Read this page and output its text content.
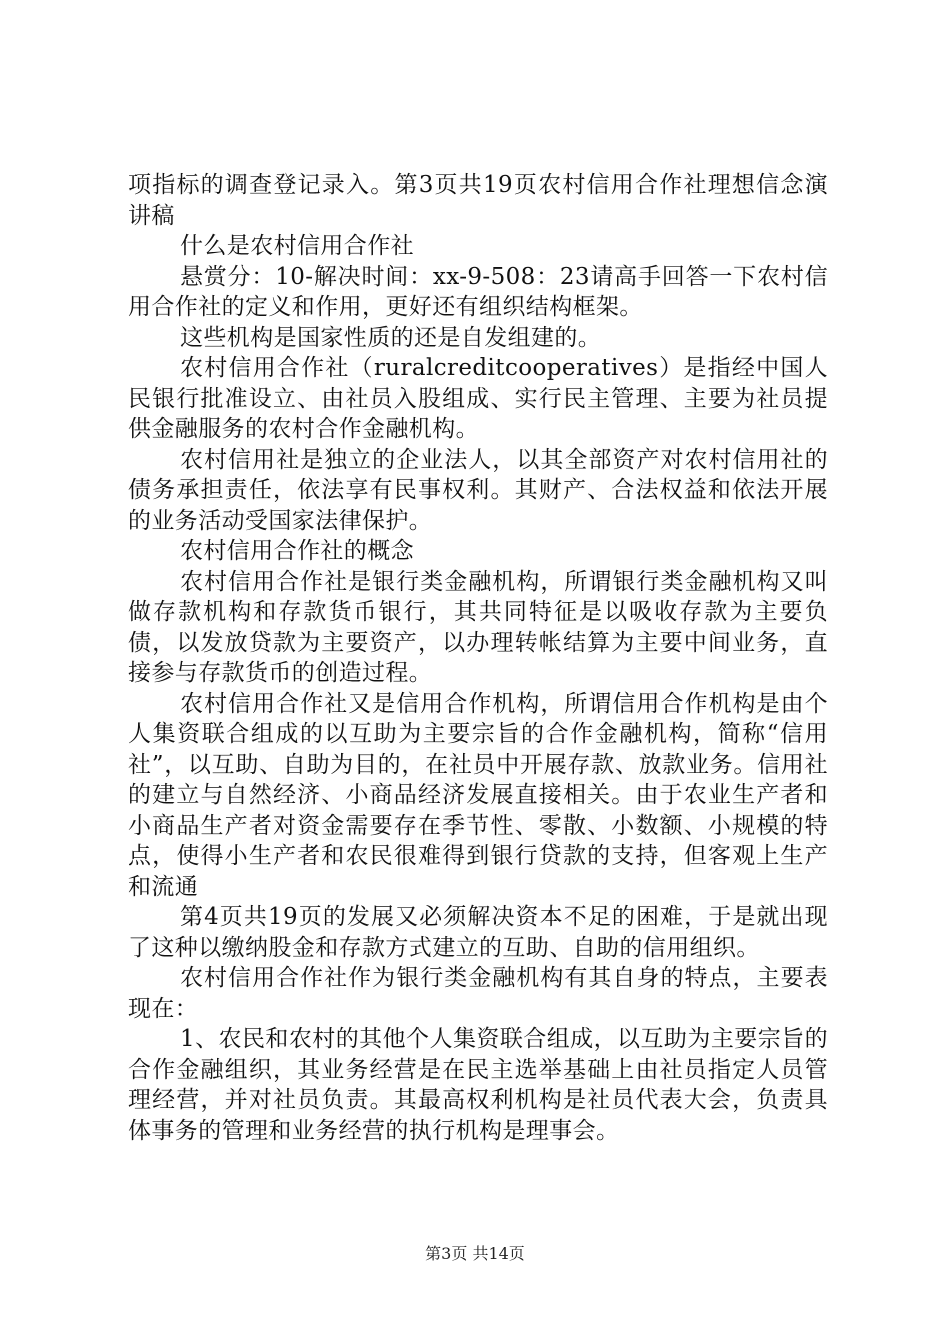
项指标的调查登记录入。第3页共19页农村信用合作社理想信念演讲稿

什么是农村信用合作社

悬赏分：10-解决时间：xx-9-508：23请高手回答一下农村信用合作社的定义和作用，更好还有组织结构框架。

这些机构是国家性质的还是自发组建的。

农村信用合作社（ruralcreditcooperatives）是指经中国人民银行批准设立、由社员入股组成、实行民主管理、主要为社员提供金融服务的农村合作金融机构。

农村信用社是独立的企业法人，以其全部资产对农村信用社的债务承担责任，依法享有民事权利。其财产、合法权益和依法开展的业务活动受国家法律保护。

农村信用合作社的概念

农村信用合作社是银行类金融机构，所谓银行类金融机构又叫做存款机构和存款货币银行，其共同特征是以吸收存款为主要负债，以发放贷款为主要资产，以办理转帐结算为主要中间业务，直接参与存款货币的创造过程。

农村信用合作社又是信用合作机构，所谓信用合作机构是由个人集资联合组成的以互助为主要宗旨的合作金融机构，简称“信用社”，以互助、自助为目的，在社员中开展存款、放款业务。信用社的建立与自然经济、小商品经济发展直接相关。由于农业生产者和小商品生产者对资金需要存在季节性、零散、小数额、小规模的特点，使得小生产者和农民很难得到银行贷款的支持，但客观上生产和流通

第4页共19页的发展又必须解决资本不足的困难，于是就出现了这种以缴纳股金和存款方式建立的互助、自助的信用组织。

农村信用合作社作为银行类金融机构有其自身的特点，主要表现在：

1、农民和农村的其他个人集资联合组成，以互助为主要宗旨的合作金融组织，其业务经营是在民主选举基础上由社员指定人员管理经营，并对社员负责。其最高权利机构是社员代表大会，负责具体事务的管理和业务经营的执行机构是理事会。

第3页 共14页
